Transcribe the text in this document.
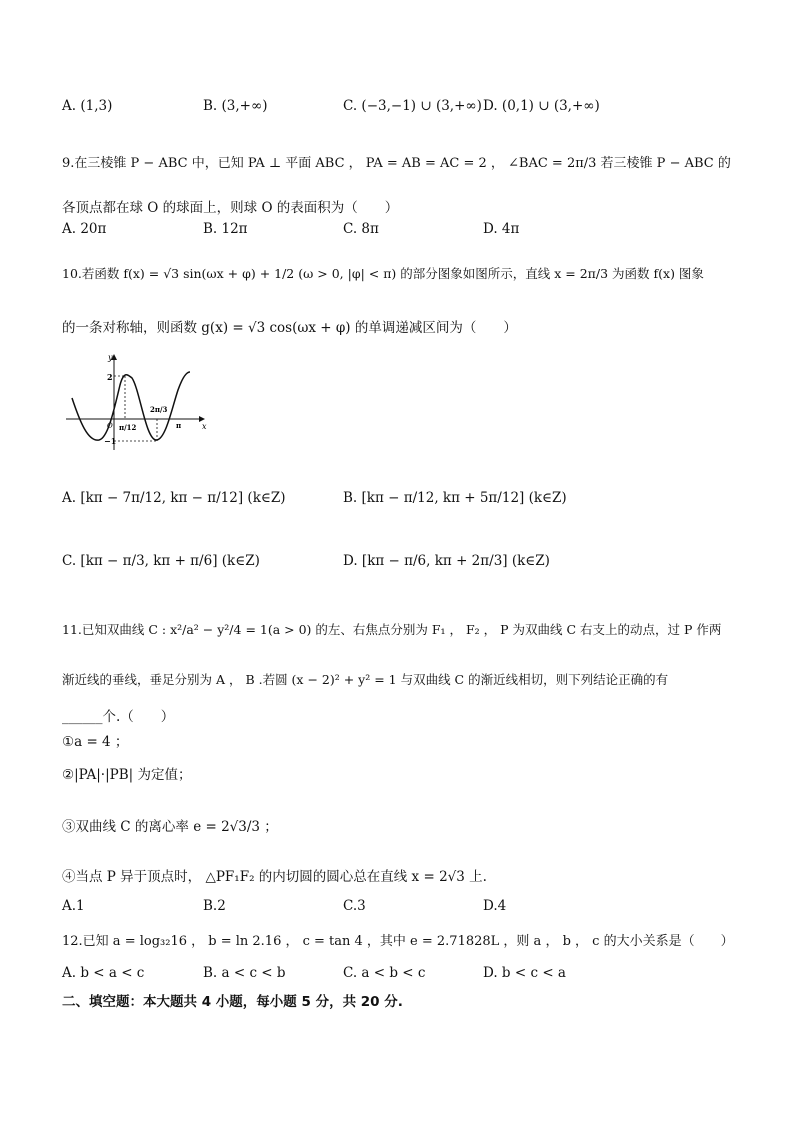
A. (1,3)	B. (3,+∞)	C. (−3,−1) ∪ (3,+∞) D. (0,1) ∪ (3,+∞)
9.在三棱锥 P − ABC 中，已知 PA ⊥ 平面 ABC ， PA = AB = AC = 2 ， ∠BAC = 2π/3 若三棱锥 P − ABC 的
各顶点都在球 O 的球面上，则球 O 的表面积为（　　）
A. 20π	B. 12π	C. 8π	D. 4π
10.若函数 f(x) = √3 sin(ωx + φ) + 1/2 (ω > 0, |φ| < π) 的部分图象如图所示，直线 x = 2π/3 为函数 f(x) 图象
的一条对称轴，则函数 g(x) = √3 cos(ωx + φ) 的单调递减区间为（　　）
y
x
2
−1
O π/12
2π/3
π
A. [kπ − 7π/12, kπ − π/12] (k∈Z)	B. [kπ − π/12, kπ + 5π/12] (k∈Z)
C. [kπ − π/3, kπ + π/6] (k∈Z)	D. [kπ − π/6, kπ + 2π/3] (k∈Z)
11.已知双曲线 C : x²/a² − y²/4 = 1(a > 0) 的左、右焦点分别为 F₁ ， F₂ ， P 为双曲线 C 右支上的动点，过 P 作两
渐近线的垂线，垂足分别为 A ， B .若圆 (x − 2)² + y² = 1 与双曲线 C 的渐近线相切，则下列结论正确的有
______个.（　　）
①a = 4 ；
②|PA|·|PB| 为定值；
③双曲线 C 的离心率 e = 2√3/3 ；
④当点 P 异于顶点时， △PF₁F₂ 的内切圆的圆心总在直线 x = 2√3 上.
A.1	B.2	C.3	D.4
12.已知 a = log₃₂16 ， b = ln 2.16 ， c = tan 4 ，其中 e = 2.71828L ，则 a ， b ， c 的大小关系是（　　）
A. b < a < c	B. a < c < b	C. a < b < c	D. b < c < a
二、填空题：本大题共 4 小题，每小题 5 分，共 20 分.
